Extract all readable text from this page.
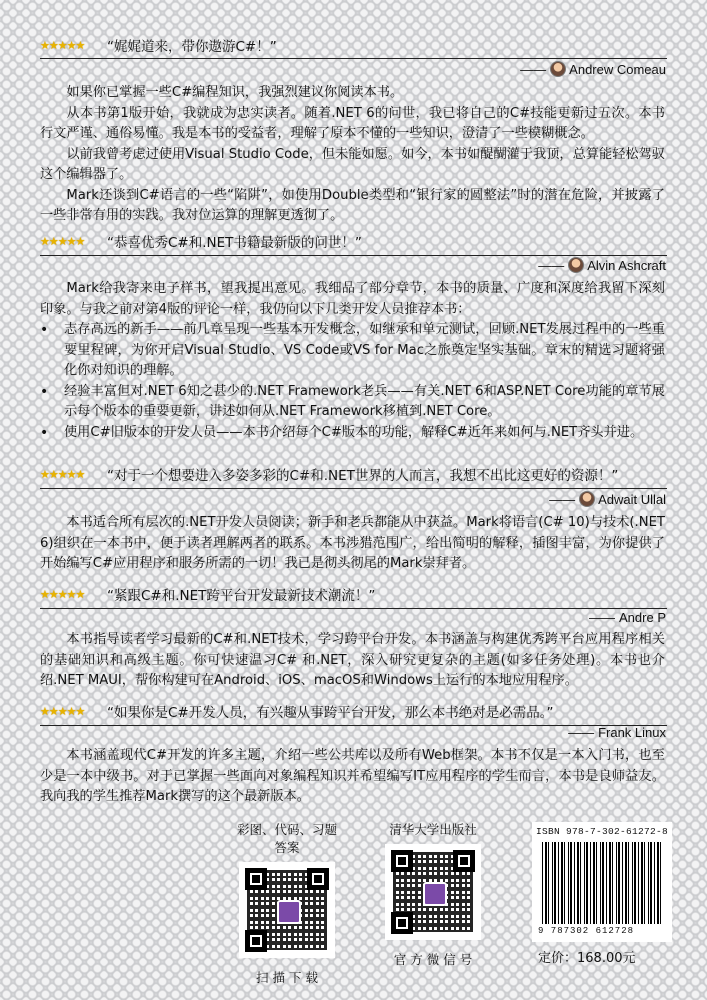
★★★★★ “娓娓道来，带你遨游C#！”
—— Andrew Comeau

如果你已掌握一些C#编程知识，我强烈建议你阅读本书。

从本书第1版开始，我就成为忠实读者。随着.NET 6的问世，我已将自己的C#技能更新过五次。本书行文严谨、通俗易懂。我是本书的受益者，理解了原本不懂的一些知识，澄清了一些模糊概念。

以前我曾考虑过使用Visual Studio Code，但未能如愿。如今，本书如醍醐灌于我顶，总算能轻松驾驭这个编辑器了。

Mark还谈到C#语言的一些“陷阱”，如使用Double类型和“银行家的圆整法”时的潜在危险，并披露了一些非常有用的实践。我对位运算的理解更透彻了。

★★★★★ “恭喜优秀C#和.NET书籍最新版的问世！”
—— Alvin Ashcraft

Mark给我寄来电子样书，望我提出意见。我细品了部分章节，本书的质量、广度和深度给我留下深刻印象。与我之前对第4版的评论一样，我仍向以下几类开发人员推荐本书：

• 志存高远的新手——前几章呈现一些基本开发概念，如继承和单元测试，回顾.NET发展过程中的一些重要里程碑，为你开启Visual Studio、VS Code或VS for Mac之旅奠定坚实基础。章末的精选习题将强化你对知识的理解。
• 经验丰富但对.NET 6知之甚少的.NET Framework老兵——有关.NET 6和ASP.NET Core功能的章节展示每个版本的重要更新，讲述如何从.NET Framework移植到.NET Core。
• 使用C#旧版本的开发人员——本书介绍每个C#版本的功能，解释C#近年来如何与.NET齐头并进。
★★★★★ “对于一个想要进入多姿多彩的C#和.NET世界的人而言，我想不出比这更好的资源！”
—— Adwait Ullal

本书适合所有层次的.NET开发人员阅读；新手和老兵都能从中获益。Mark将语言(C# 10)与技术(.NET 6)组织在一本书中，便于读者理解两者的联系。本书涉猎范围广，给出简明的解释，插图丰富，为你提供了开始编写C#应用程序和服务所需的一切！我已是彻头彻尾的Mark崇拜者。

★★★★★ “紧跟C#和.NET跨平台开发最新技术潮流！”
—— Andre P

本书指导读者学习最新的C#和.NET技术，学习跨平台开发。本书涵盖与构建优秀跨平台应用程序相关的基础知识和高级主题。你可快速温习C# 和.NET，深入研究更复杂的主题(如多任务处理)。本书也介绍.NET MAUI，帮你构建可在Android、iOS、macOS和Windows上运行的本地应用程序。

★★★★★ “如果你是C#开发人员，有兴趣从事跨平台开发，那么本书绝对是必需品。”
—— Frank Linux

本书涵盖现代C#开发的许多主题，介绍一些公共库以及所有Web框架。本书不仅是一本入门书，也至少是一本中级书。对于已掌握一些面向对象编程知识并希望编写IT应用程序的学生而言，本书是良师益友。我向我的学生推荐Mark撰写的这个最新版本。

彩图、代码、习题答案
扫 描 下 载
清华大学出版社
官 方 微 信 号
ISBN 978-7-302-61272-8
9 787302 612728
定价：168.00元
